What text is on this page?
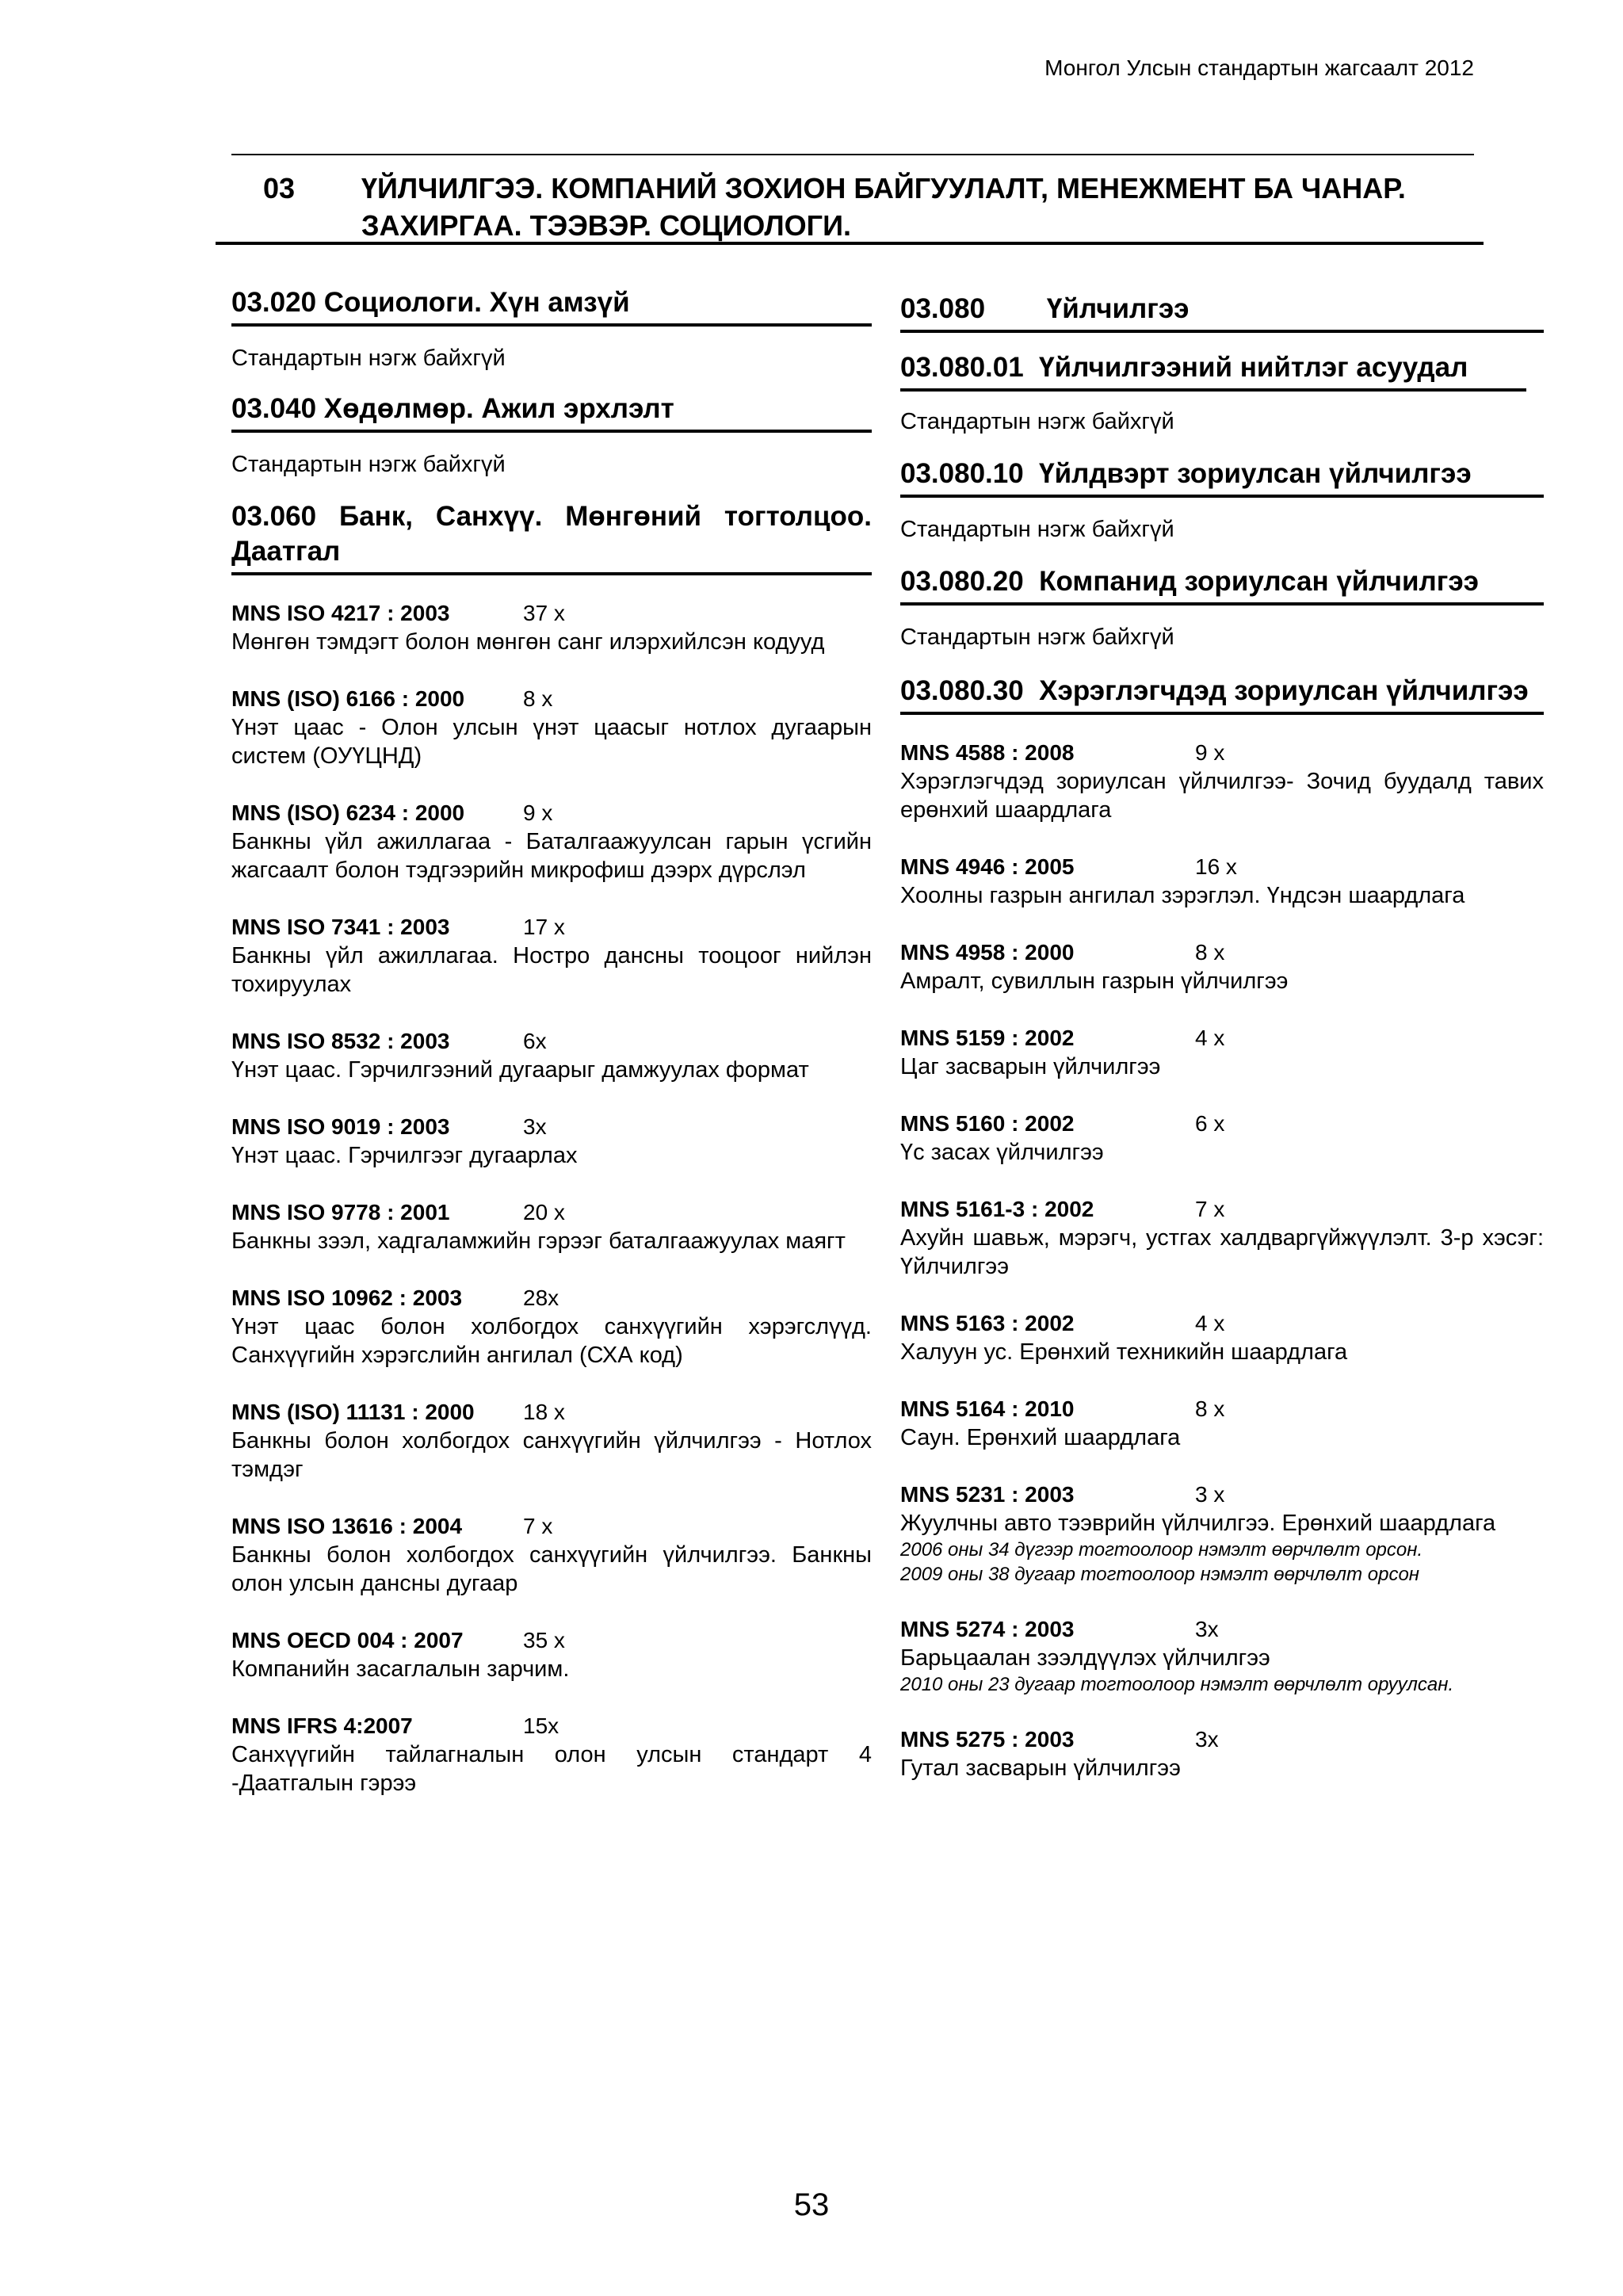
Монгол Улсын стандартын жагсаалт 2012
03 ҮЙЛЧИЛГЭЭ. КОМПАНИЙ ЗОХИОН БАЙГУУЛАЛТ, МЕНЕЖМЕНТ БА ЧАНАР. ЗАХИРГАА. ТЭЭВЭР. СОЦИОЛОГИ.
03.020 Социологи. Хүн амзүй
Стандартын нэгж байхгүй
03.040 Хөдөлмөр. Ажил эрхлэлт
Стандартын нэгж байхгүй
03.060 Банк, Санхүү. Мөнгөний тогтолцоо. Даатгал
MNS ISO 4217 : 2003	37 x
Мөнгөн тэмдэгт болон мөнгөн санг илэрхийлсэн кодууд
MNS (ISO) 6166 : 2000	8 x
Үнэт цаас - Олон улсын үнэт цаасыг нотлох дугаарын систем (ОУҮЦНД)
MNS (ISO) 6234 : 2000	9 x
Банкны үйл ажиллагаа - Баталгаажуулсан гарын үсгийн жагсаалт болон тэдгээрийн микрофиш дээрх дүрслэл
MNS ISO 7341 : 2003	17 x
Банкны үйл ажиллагаа. Ностро дансны тооцоог нийлэн тохируулах
MNS ISO 8532 : 2003	6x
Үнэт цаас. Гэрчилгээний дугаарыг дамжуулах формат
MNS ISO 9019 : 2003	3x
Үнэт цаас. Гэрчилгээг дугаарлах
MNS ISO 9778 : 2001	20 x
Банкны зээл, хадгаламжийн гэрээг баталгаажуулах маягт
MNS ISO 10962 : 2003	28x
Үнэт цаас болон холбогдох санхүүгийн хэрэгслүүд. Санхүүгийн хэрэгслийн ангилал (СХА код)
MNS (ISO) 11131 : 2000 18 x
Банкны болон холбогдох санхүүгийн үйлчилгээ - Нотлох тэмдэг
MNS ISO 13616 : 2004	7 x
Банкны болон холбогдох санхүүгийн үйлчилгээ. Банкны олон улсын дансны дугаар
MNS OECD 004 : 2007	35 x
Компанийн засаглалын зарчим.
MNS IFRS 4:2007	15x
Санхүүгийн тайлагналын олон улсын стандарт 4 -Даатгалын гэрээ
03.080        Үйлчилгээ
03.080.01  Үйлчилгээний нийтлэг асуудал
Стандартын нэгж байхгүй
03.080.10  Үйлдвэрт зориулсан үйлчилгээ
Стандартын нэгж байхгүй
03.080.20  Компанид зориулсан үйлчилгээ
Стандартын нэгж байхгүй
03.080.30  Хэрэглэгчдэд зориулсан үйлчилгээ
MNS 4588 : 2008	9 x
Хэрэглэгчдэд зориулсан үйлчилгээ- Зочид буудалд тавих ерөнхий шаардлага
MNS 4946 : 2005	16 x
Хоолны газрын ангилал зэрэглэл. Үндсэн шаардлага
MNS 4958 : 2000	8 x
Амралт, сувиллын газрын үйлчилгээ
MNS 5159 : 2002	4 x
Цаг засварын үйлчилгээ
MNS 5160 : 2002	6 x
Үс засах үйлчилгээ
MNS 5161-3 : 2002	7 x
Ахуйн шавьж, мэрэгч, устгах халдваргүйжүүлэлт. 3-р хэсэг: Үйлчилгээ
MNS 5163 : 2002	4 x
Халуун ус. Ерөнхий техникийн шаардлага
MNS 5164 : 2010	8 x
Саун. Ерөнхий шаардлага
MNS 5231 : 2003	3 x
Жуулчны авто тээврийн үйлчилгээ. Ерөнхий шаардлага
2006 оны 34 дүгээр тогтоолоор нэмэлт өөрчлөлт орсон.
2009 оны 38 дугаар тогтоолоор нэмэлт өөрчлөлт орсон
MNS 5274 : 2003	3x
Барьцаалан зээлдүүлэх үйлчилгээ
2010 оны 23 дугаар тогтоолоор нэмэлт өөрчлөлт оруулсан.
MNS 5275 : 2003	3x
Гутал засварын үйлчилгээ
53
